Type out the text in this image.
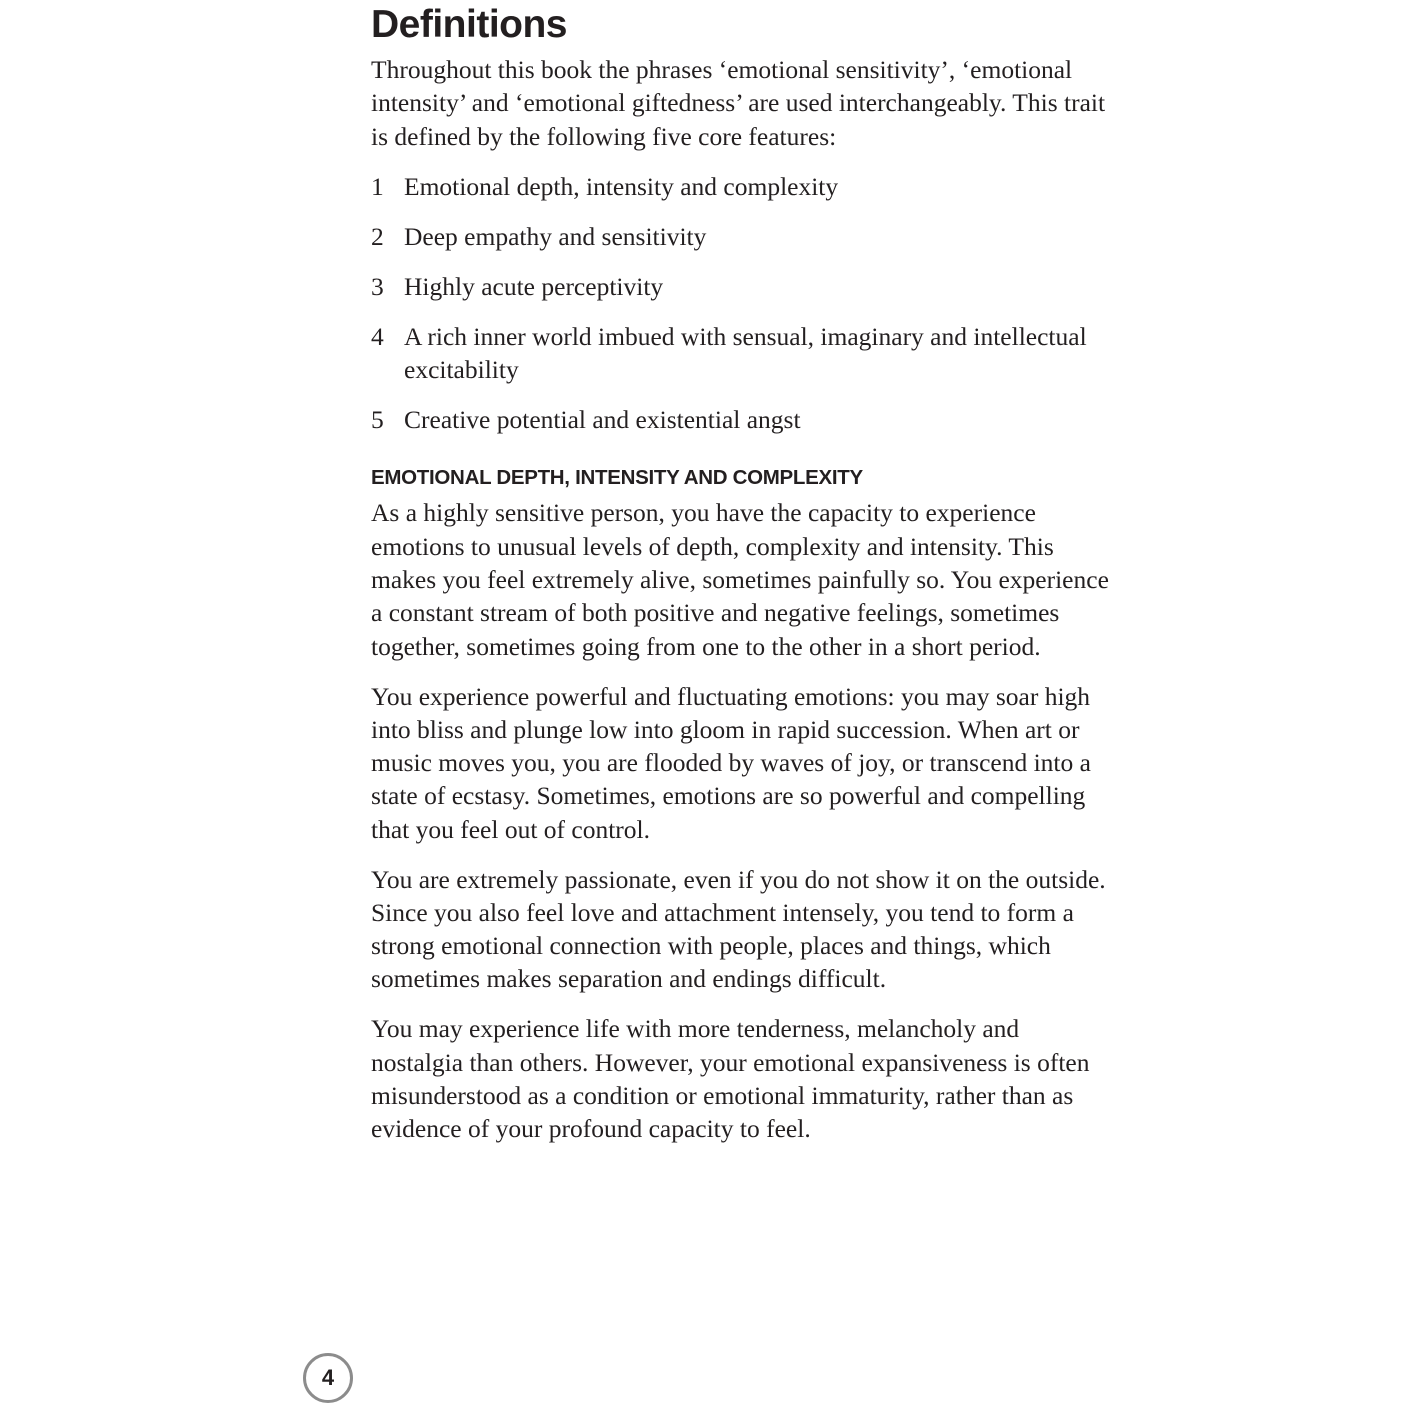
Definitions

Throughout this book the phrases ‘emotional sensitivity’, ‘emotional intensity’ and ‘emotional giftedness’ are used interchangeably. This trait is defined by the following five core features:

1 Emotional depth, intensity and complexity
2 Deep empathy and sensitivity
3 Highly acute perceptivity
4 A rich inner world imbued with sensual, imaginary and intellectual excitability
5 Creative potential and existential angst
EMOTIONAL DEPTH, INTENSITY AND COMPLEXITY

As a highly sensitive person, you have the capacity to experience emotions to unusual levels of depth, complexity and intensity. This makes you feel extremely alive, sometimes painfully so. You experience a constant stream of both positive and negative feelings, sometimes together, sometimes going from one to the other in a short period.

You experience powerful and fluctuating emotions: you may soar high into bliss and plunge low into gloom in rapid succession. When art or music moves you, you are flooded by waves of joy, or transcend into a state of ecstasy. Sometimes, emotions are so powerful and compelling that you feel out of control.

You are extremely passionate, even if you do not show it on the outside. Since you also feel love and attachment intensely, you tend to form a strong emotional connection with people, places and things, which sometimes makes separation and endings difficult.

You may experience life with more tenderness, melancholy and nostalgia than others. However, your emotional expansiveness is often misunderstood as a condition or emotional immaturity, rather than as evidence of your profound capacity to feel.

4
